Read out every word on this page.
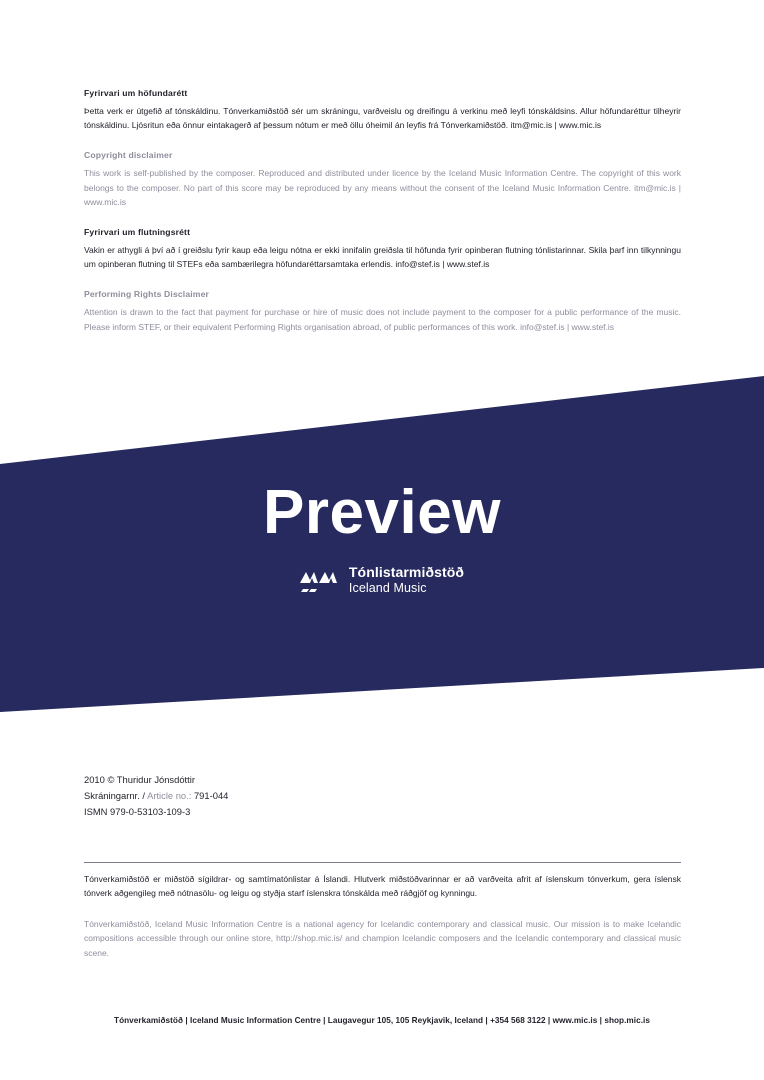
Fyrirvari um höfundarétt
Þetta verk er útgefið af tónskáldinu. Tónverkamiðstöð sér um skráningu, varðveislu og dreifingu á verkinu með leyfi tónskáldsins. Allur höfundaréttur tilheyrir tónskáldinu. Ljósritun eða önnur eintakagerð af þessum nótum er með öllu óheimil án leyfis frá Tónverkamiðstöð. itm@mic.is | www.mic.is
Copyright disclaimer
This work is self-published by the composer. Reproduced and distributed under licence by the Iceland Music Information Centre. The copyright of this work belongs to the composer. No part of this score may be reproduced by any means without the consent of the Iceland Music Information Centre. itm@mic.is | www.mic.is
Fyrirvari um flutningsrétt
Vakin er athygli á því að í greiðslu fyrir kaup eða leigu nótna er ekki innifalin greiðsla til höfunda fyrir opinberan flutning tónlistarinnar. Skila þarf inn tilkynningu um opinberan flutning til STEFs eða sambærilegra höfundaréttarsamtaka erlendis. info@stef.is | www.stef.is
Performing Rights Disclaimer
Attention is drawn to the fact that payment for purchase or hire of music does not include payment to the composer for a public performance of the music. Please inform STEF, or their equivalent Performing Rights organisation abroad, of public performances of this work. info@stef.is | www.stef.is
Preview
Tónlistarmiðstöð
Iceland Music
shop.mic.is
2010 © Thuridur Jónsdóttir
Skráningarnr. / Article no.: 791-044
ISMN 979-0-53103-109-3

Tónverkamiðstöð er miðstöð sígildrar- og samtímatónlistar á Íslandi. Hlutverk miðstöðvarinnar er að varðveita afrit af íslenskum tónverkum, gera íslensk tónverk aðgengileg með nótnasölu- og leigu og styðja starf íslenskra tónskálda með ráðgjöf og kynningu.

Tónverkamiðstöð, Iceland Music Information Centre is a national agency for Icelandic contemporary and classical music. Our mission is to make Icelandic compositions accessible through our online store, http://shop.mic.is/ and champion Icelandic composers and the Icelandic contemporary and classical music scene.

Tónverkamiðstöð | Iceland Music Information Centre | Laugavegur 105, 105 Reykjavik, Iceland | +354 568 3122 | www.mic.is | shop.mic.is
